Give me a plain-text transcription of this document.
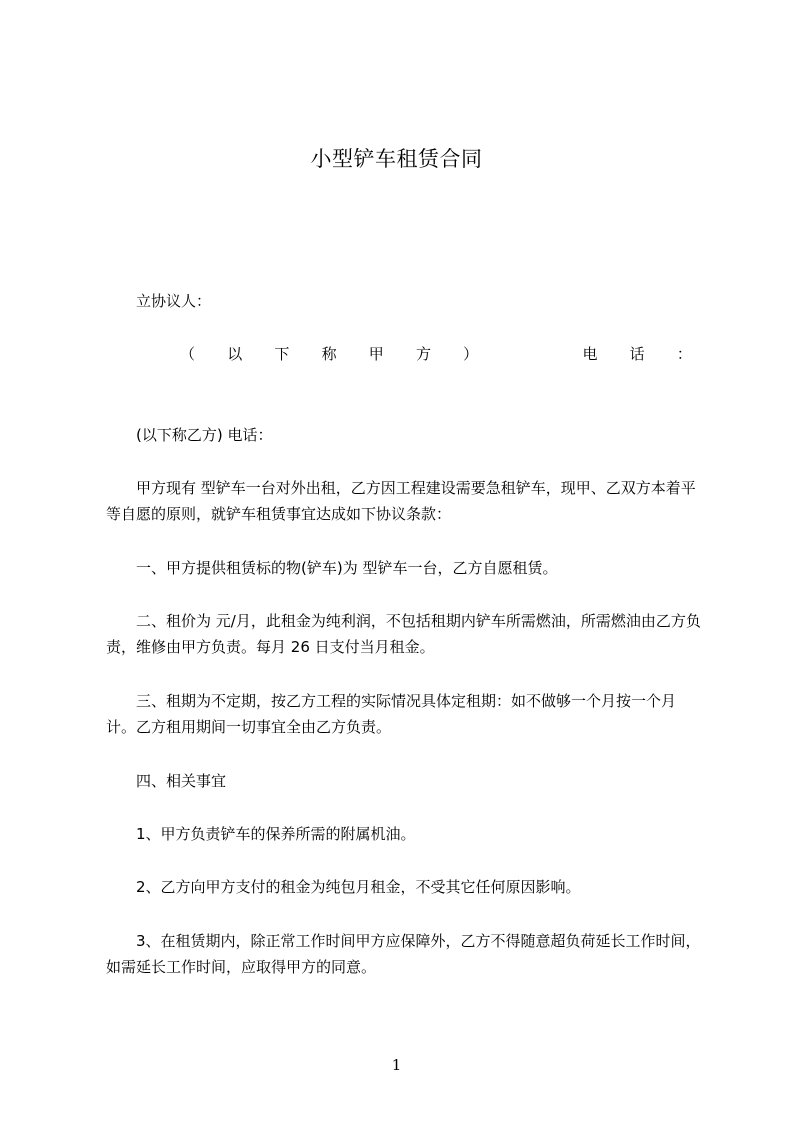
小型铲车租赁合同

立协议人：

（ 以 下 称 甲 方 ）	电 话 ：

(以下称乙方) 电话：

甲方现有 型铲车一台对外出租，乙方因工程建设需要急租铲车，现甲、乙双方本着平等自愿的原则，就铲车租赁事宜达成如下协议条款：

一、甲方提供租赁标的物(铲车)为 型铲车一台，乙方自愿租赁。

二、租价为 元/月，此租金为纯利润，不包括租期内铲车所需燃油，所需燃油由乙方负责，维修由甲方负责。每月 26 日支付当月租金。

三、租期为不定期，按乙方工程的实际情况具体定租期：如不做够一个月按一个月计。乙方租用期间一切事宜全由乙方负责。

四、相关事宜

1、甲方负责铲车的保养所需的附属机油。

2、乙方向甲方支付的租金为纯包月租金，不受其它任何原因影响。

3、在租赁期内，除正常工作时间甲方应保障外，乙方不得随意超负荷延长工作时间，如需延长工作时间，应取得甲方的同意。

1
